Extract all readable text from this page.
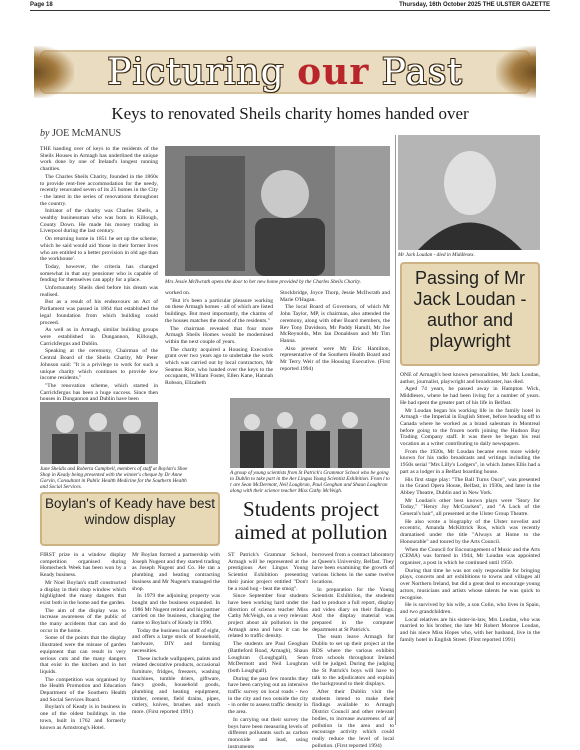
Page 18	Thursday, 16th October 2025 THE ULSTER GAZETTE
Picturing our Past
Keys to renovated Sheils charity homes handed over
by JOE McMANUS

THE handing over of keys to the residents of the Sheils Houses in Armagh has underlined the unique work done by one of Ireland's longest running charities.

The Charles Sheils Charity, founded in the 1860s to provide rent-free accommodation for the needy, recently renovated seven of its 25 homes in the City - the latest in the series of renovations throughout the country.

Initiator of the charity was Charles Sheils, a wealthy businessman who was born in Killough, County Down. He made his money trading in Liverpool during the last century.

On returning home in 1851 he set up the scheme, which he said would aid 'those in their former lives who are entitled to a better provision in old age than the workhouse'.

Today, however, the criteria has changed somewhat in that any pensioner who is capable of fending for themselves can apply for a place.

Unfortunately Sheils died before his dream was realised.

But as a result of his endeavours an Act of Parliament was passed in 1864 that established the legal foundation from which building could proceed.

As well as in Armagh, similar building groups were established in Dungannon, Killough, Carrickfergus and Dublin.

Speaking at the ceremony, Chairman of the Central Board of the Sheils Charity, Mr Peter Johnson said: "It is a privilege to work for such a unique charity which continues to provide low income residents."

"The renovation scheme, which started in Carrickfergus has been a huge success. Since then houses in Dungannon and Dublin have been

Mrs Jessie McIlwrath opens the door to her new home provided by the Charles Sheils Charity.

worked on.

"But it's been a particular pleasure working on these Armagh homes - all of which are listed buildings. But most importantly, the charms of the houses matches the mood of the residents."

The chairman revealed that four more Armagh Sheils Homes would be modernised within the next couple of years.

The charity acquired a Housing Executive grant over two years ago to undertake the work which was carried out by local contractors, Mr Seamus Rice, who handed over the keys to the occupants, William Foster, Ellen Kane, Hannah Robson, Elizabeth

Stockbridge, Joyce Thorp, Jessie McIlwrath and Marie O'Hagan.

The local Board of Governors, of which Mr John Taylor, MP, is chairman, also attended the ceremony, along with other Board members, the Rev Tony Davidson, Mr Paddy Hamill, Mr Joe McReynolds, Mrs Ian Donaldson and Mr Tim Hanna.

Also present were Mr Eric Hamilton, representative of the Southern Health Board and Mr Terry Weir of the Housing Executive. (First reported 1994)

Mr Jack Loudan - died in Middlesex.
Passing of Mr Jack Loudan - author and playwright

ONE of Armagh's best known personalities, Mr Jack Loudan, author, journalist, playwright and broadcaster, has died.

Aged 74 years, he passed away in Hampton Wick, Middlesex, where he had been living for a number of years. He had spent the greater part of his life in Belfast.

Mr Loudan began his working life in the family hotel in Armagh - the Imperial in English Street, before heading off to Canada where he worked as a brand salesman in Montreal before going to the frozen north joining the Hudson Bay Trading Company staff. It was there he began his real vocation as a writer contributing to daily newspapers.

From the 1920s, Mr Loudan became even more widely known for his radio broadcasts and writings including the 1950s serial "Mrs Lilly's Lodgers", in which James Ellis had a part as a lodger in a Belfast boarding house.

His first stage play: "The Ball Turns Once", was presented in the Grand Opera House, Belfast, in 1930s, and later in the Abbey Theatre, Dublin and in New York.

Mr Loudan's other best known plays were "Story for Today," "Henry Joy McCracken", and "A Lock of the General's hair", all presented at the Ulster Group Theatre.

He also wrote a biography of the Ulster novelist and eccentric, Amanda McKittrick Ros, which was recently dramatised under the title "Always at Home to the Honourable" and toured by the Arts Council.

When the Council for Encouragement of Music and the Arts (CEMA) was formed in 1944, Mr Loudan was appointed organiser, a post in which he continued until 1950.

During that time he was not only responsible for bringing plays, concerts and art exhibitions to towns and villages all over Northern Ireland, but did a great deal to encourage young actors, musicians and artists whose talents he was quick to recognise.

He is survived by his wife, a son Colin, who lives in Spain, and two grandchildren.

Local relatives are his sister-in-law, Mrs Loudan, who was married to his brother, the late Mr Robert Monroe Loudan, and his niece Miss Hopes who, with her husband, live in the family hotel in English Street. (First reported 1991)

June Sheidis and Roberta Campbell, members of staff at Boylan's Shoe Shop in Keady being presented with the winner's cheque by Dr Anne Gorvin, Consultant in Public Health Medicine for the Southern Health and Social Services.
A group of young scientists from St Patrick's Grammar School who be going to Dublin to take part in the Aer Lingus Young Scientist Exhibition. From l to r are Sean McDermott, Neil Loughran, Paul Geoghan and Shaun Loughran along with their science teacher Miss Cathy McVeigh.
Boylan's of Keady have best window display

FIRST prize in a window display competition organised during Homecheck Week has been won by a Keady business.

Mr Noel Boylan's staff constructed a display in their shop window which highlighted the many dangers that exist both in the home and the garden.

The aim of the display was to increase awareness of the public of the many accidents that can and do occur in the home.

Some of the points that the display illustrated were the misuse of garden equipment that can result in very serious cuts and the many dangers that exist in the kitchen and in hot liquids.

The competition was organised by the Health Promotion and Education Department of the Southern Health and Social Services Board.

Boylan's of Keady is in business in one of the oldest buildings in the town, built in 1762 and formerly known as Armstrong's Hotel.

Mr Boylan formed a partnership with Joseph Nugent and they started trading as Joseph Nugent and Co. He ran a plumbing and heating contracting business and Mr Nugent's managed the shop.

In 1979 the adjoining property was bought and the business expanded. In 1986 Mr Nugent retired and his partner carried on the business, changing the name to Boylan's of Keady in 1990.

Today the business has staff of eight, and offers a large stock of household, hardware, DIY and farming necessities.

These include wallpapers, paints and related decorative products, occasional furniture, fridges, freezers, washing machines, tumble driers, giftware, fancy goods, household goods, plumbing and heating equipment, timber, cement, field drains, pipes, cutlery, knives, brushes and much more. (First reported 1991)

Students project aimed at pollution

ST Patrick's Grammar School, Armagh will be represented at the prestigious Aer Lingus Young Scientist Exhibition presenting their junior project entitled "Don't be a road hog - beat the smog".

Since September four students have been working hard under the direction of science teacher Miss Cathy McVeigh, on a very relevant project about air pollution in the Armagh area and how it can be related to traffic density.

The students are Paul Geoghan (Battleford Road, Armagh), Shaun Loughran (Loughgall), Sean McDermott and Neil Loughran (both Loughgall).

During the past few months they have been carrying out an intensive traffic survey on local roads - two in the city and two outside the city - in order to assess traffic density in the area.

In carrying out their survey the boys have been measuring levels of different pollutants such as carbon monoxide and lead, using instruments

borrowed from a contract laboratory at Queen's University, Belfast. They have been examining the growth of various lichens in the same twelve locations.

In preparation for the Young Scientists Exhibition, the students had to produce a full report, display and video diary on their findings. And the display material was prepared in the computer department at St Patrick's.

The team leave Armagh for Dublin to set up their project at the RDS where the various exhibits from schools throughout Ireland will be judged. During the judging the St Patrick's boys will have to talk to the adjudicators and explain the background to their displays.

After their Dublin visit the students intend to make their findings available to Armagh District Council and other relevant bodies, to increase awareness of air pollution in the area and to encourage activity which could really reduce the level of local pollution. (First reported 1994)
